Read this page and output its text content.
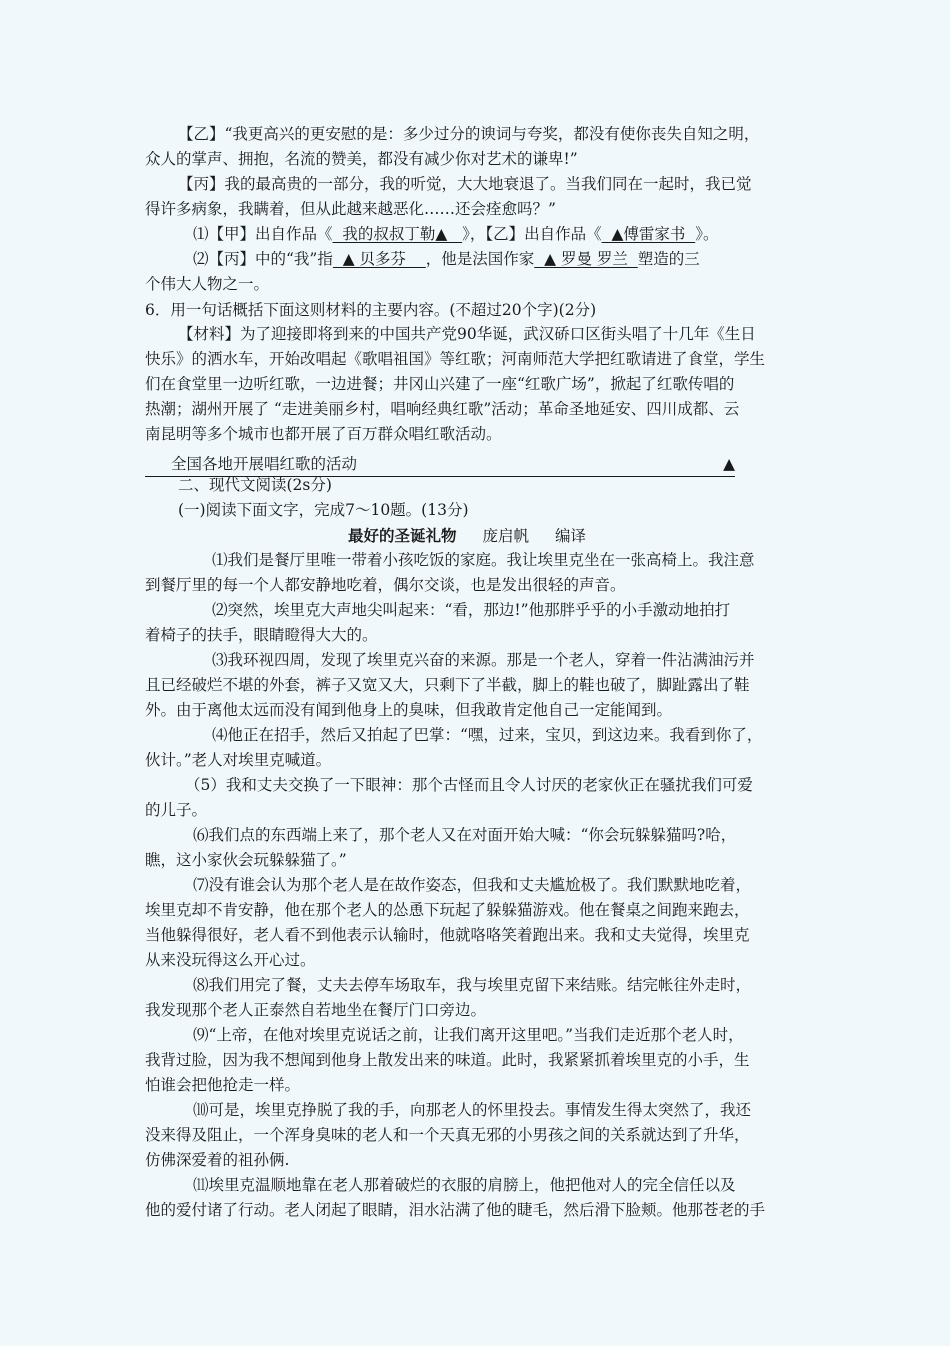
【乙】“我更高兴的更安慰的是：多少过分的谀词与夸奖，都没有使你丧失自知之明，
众人的掌声、拥抱，名流的赞美，都没有减少你对艺术的谦卑!”
【丙】我的最高贵的一部分，我的听觉，大大地衰退了。当我们同在一起时，我已觉
得许多病象，我瞒着，但从此越来越恶化……还会痊愈吗？”
⑴【甲】出自作品《  我的叔叔丁勒▲   》，【乙】出自作品《  ▲傅雷家书  》。
⑵【丙】中的“我”指  ▲ 贝多芬    ，他是法国作家  ▲ 罗曼 罗兰  塑造的三
个伟大人物之一。
6．用一句话概括下面这则材料的主要内容。(不超过20个字)(2分)
【材料】为了迎接即将到来的中国共产党90华诞，武汉硚口区街头唱了十几年《生日
快乐》的洒水车，开始改唱起《歌唱祖国》等红歌；河南师范大学把红歌请进了食堂，学生
们在食堂里一边听红歌，一边进餐；井冈山兴建了一座“红歌广场”，掀起了红歌传唱的
热潮；湖州开展了 “走进美丽乡村，唱响经典红歌”活动；革命圣地延安、四川成都、云
南昆明等多个城市也都开展了百万群众唱红歌活动。
全国各地开展唱红歌的活动	▲
二、现代文阅读(2s分)
(一)阅读下面文字，完成7～10题。(13分)
最好的圣诞礼物 庞启帆 编译
⑴我们是餐厅里唯一带着小孩吃饭的家庭。我让埃里克坐在一张高椅上。我注意
到餐厅里的每一个人都安静地吃着，偶尔交谈，也是发出很轻的声音。
⑵突然，埃里克大声地尖叫起来：“看，那边!”他那胖乎乎的小手激动地拍打
着椅子的扶手，眼睛瞪得大大的。
⑶我环视四周，发现了埃里克兴奋的来源。那是一个老人，穿着一件沾满油污并
且已经破烂不堪的外套，裤子又宽又大，只剩下了半截，脚上的鞋也破了，脚趾露出了鞋
外。由于离他太远而没有闻到他身上的臭味，但我敢肯定他自己一定能闻到。
⑷他正在招手，然后又拍起了巴掌：“嘿，过来，宝贝，到这边来。我看到你了，
伙计。”老人对埃里克喊道。
（5）我和丈夫交换了一下眼神：那个古怪而且令人讨厌的老家伙正在骚扰我们可爱
的儿子。
⑹我们点的东西端上来了，那个老人又在对面开始大喊：“你会玩躲躲猫吗?哈，
瞧，这小家伙会玩躲躲猫了。”
⑺没有谁会认为那个老人是在故作姿态，但我和丈夫尴尬极了。我们默默地吃着，
埃里克却不肯安静，他在那个老人的怂恿下玩起了躲躲猫游戏。他在餐桌之间跑来跑去，
当他躲得很好，老人看不到他表示认输时，他就咯咯笑着跑出来。我和丈夫觉得，埃里克
从来没玩得这么开心过。
⑻我们用完了餐，丈夫去停车场取车，我与埃里克留下来结账。结完帐往外走时，
我发现那个老人正泰然自若地坐在餐厅门口旁边。
⑼“上帝，在他对埃里克说话之前，让我们离开这里吧。”当我们走近那个老人时，
我背过脸，因为我不想闻到他身上散发出来的味道。此时，我紧紧抓着埃里克的小手，生
怕谁会把他抢走一样。
⑽可是，埃里克挣脱了我的手，向那老人的怀里投去。事情发生得太突然了，我还
没来得及阻止，一个浑身臭味的老人和一个天真无邪的小男孩之间的关系就达到了升华，
仿佛深爱着的祖孙俩.
⑾埃里克温顺地靠在老人那着破烂的衣服的肩膀上，他把他对人的完全信任以及
他的爱付诸了行动。老人闭起了眼睛，泪水沾满了他的睫毛，然后滑下脸颊。他那苍老的手
